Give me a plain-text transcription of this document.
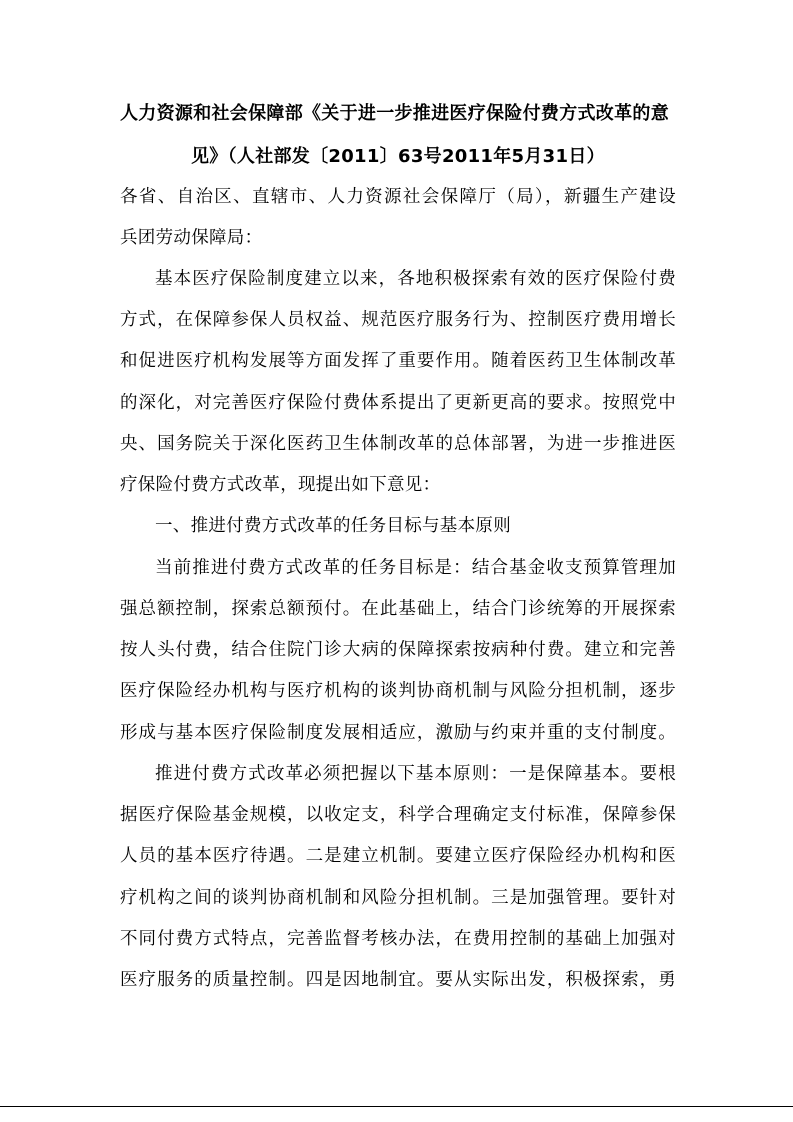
人力资源和社会保障部《关于进一步推进医疗保险付费方式改革的意
见》（人社部发〔2011〕63号2011年5月31日）
各省、自治区、直辖市、人力资源社会保障厅（局），新疆生产建设
兵团劳动保障局：
基本医疗保险制度建立以来，各地积极探索有效的医疗保险付费
方式，在保障参保人员权益、规范医疗服务行为、控制医疗费用增长
和促进医疗机构发展等方面发挥了重要作用。随着医药卫生体制改革
的深化，对完善医疗保险付费体系提出了更新更高的要求。按照党中
央、国务院关于深化医药卫生体制改革的总体部署，为进一步推进医
疗保险付费方式改革，现提出如下意见：
一、推进付费方式改革的任务目标与基本原则
当前推进付费方式改革的任务目标是：结合基金收支预算管理加
强总额控制，探索总额预付。在此基础上，结合门诊统筹的开展探索
按人头付费，结合住院门诊大病的保障探索按病种付费。建立和完善
医疗保险经办机构与医疗机构的谈判协商机制与风险分担机制，逐步
形成与基本医疗保险制度发展相适应，激励与约束并重的支付制度。
推进付费方式改革必须把握以下基本原则：一是保障基本。要根
据医疗保险基金规模，以收定支，科学合理确定支付标准，保障参保
人员的基本医疗待遇。二是建立机制。要建立医疗保险经办机构和医
疗机构之间的谈判协商机制和风险分担机制。三是加强管理。要针对
不同付费方式特点，完善监督考核办法，在费用控制的基础上加强对
医疗服务的质量控制。四是因地制宜。要从实际出发，积极探索，勇
